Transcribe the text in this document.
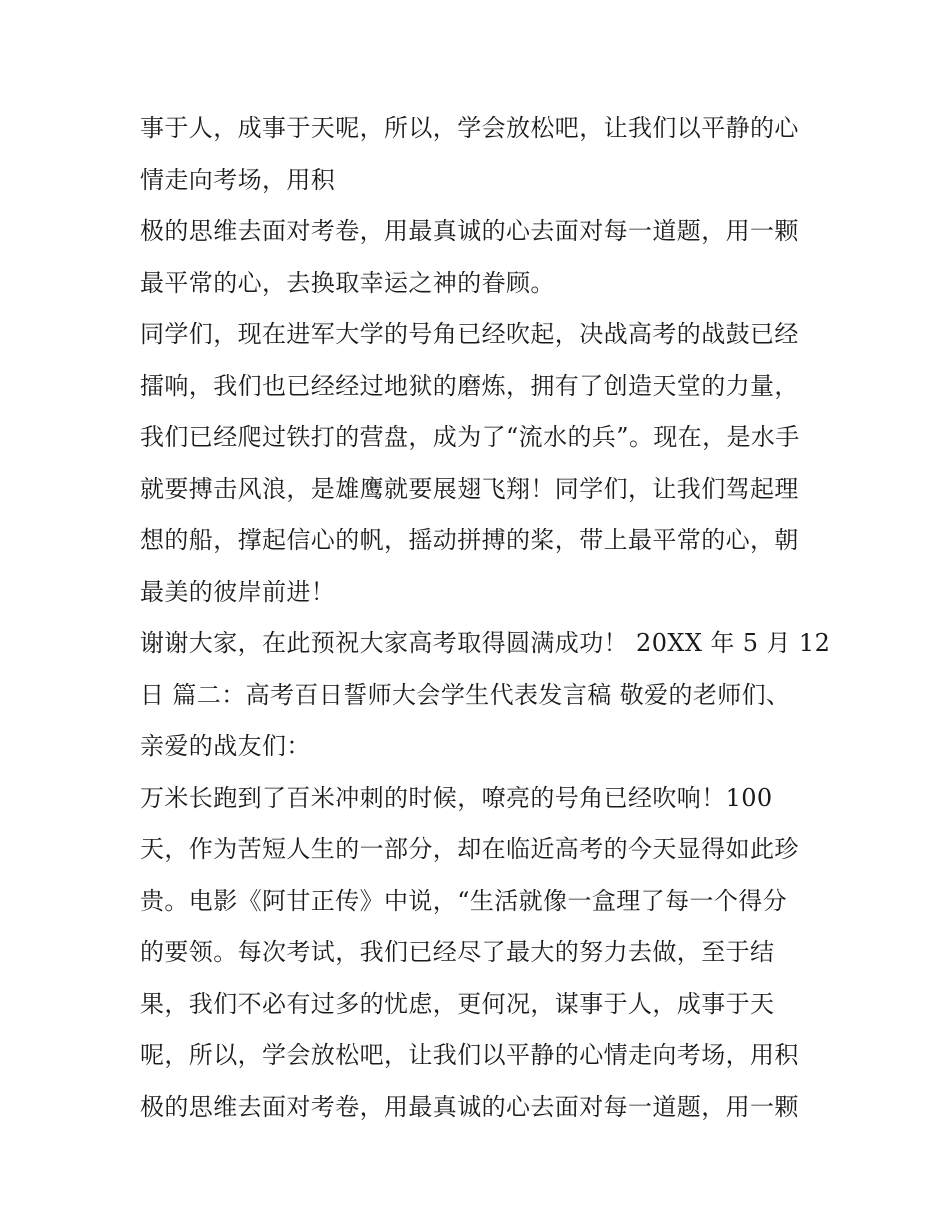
事于人，成事于天呢，所以，学会放松吧，让我们以平静的心
情走向考场，用积
极的思维去面对考卷，用最真诚的心去面对每一道题，用一颗
最平常的心，去换取幸运之神的眷顾。
同学们，现在进军大学的号角已经吹起，决战高考的战鼓已经
擂响，我们也已经经过地狱的磨炼，拥有了创造天堂的力量，
我们已经爬过铁打的营盘，成为了“流水的兵”。现在，是水手
就要搏击风浪，是雄鹰就要展翅飞翔！同学们，让我们驾起理
想的船，撑起信心的帆，摇动拼搏的桨，带上最平常的心，朝
最美的彼岸前进！
谢谢大家，在此预祝大家高考取得圆满成功！ 20XX 年 5 月 12
日 篇二：高考百日誓师大会学生代表发言稿 敬爱的老师们、
亲爱的战友们：
万米长跑到了百米冲刺的时候，嘹亮的号角已经吹响！100
天，作为苦短人生的一部分，却在临近高考的今天显得如此珍
贵。电影《阿甘正传》中说，“生活就像一盒理了每一个得分
的要领。每次考试，我们已经尽了最大的努力去做，至于结
果，我们不必有过多的忧虑，更何况，谋事于人，成事于天
呢，所以，学会放松吧，让我们以平静的心情走向考场，用积
极的思维去面对考卷，用最真诚的心去面对每一道题，用一颗
